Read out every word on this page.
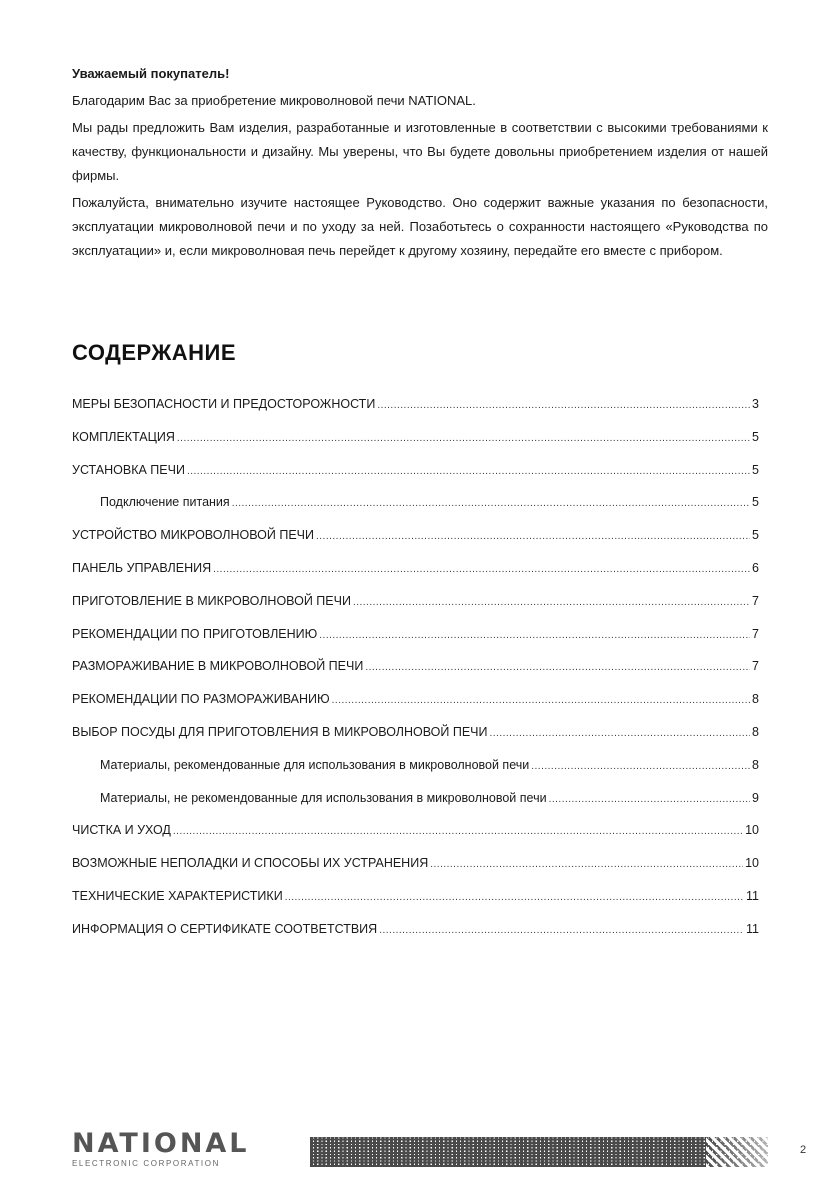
Уважаемый покупатель!

Благодарим Вас за приобретение микроволновой печи NATIONAL.

Мы рады предложить Вам изделия, разработанные и изготовленные в соответствии с высокими требованиями к качеству, функциональности и дизайну. Мы уверены, что Вы будете довольны приобретением изделия от нашей фирмы.

Пожалуйста, внимательно изучите настоящее Руководство. Оно содержит важные указания по безопасности, эксплуатации микроволновой печи и по уходу за ней. Позаботьтесь о сохранности настоящего «Руководства по эксплуатации» и, если микроволновая печь перейдет к другому хозяину, передайте его вместе с прибором.

СОДЕРЖАНИЕ
МЕРЫ БЕЗОПАСНОСТИ И ПРЕДОСТОРОЖНОСТИ .....	3
КОМПЛЕКТАЦИЯ .....	5
УСТАНОВКА ПЕЧИ .....	5
Подключение питания .....	5
УСТРОЙСТВО МИКРОВОЛНОВОЙ ПЕЧИ .....	5
ПАНЕЛЬ УПРАВЛЕНИЯ .....	6
ПРИГОТОВЛЕНИЕ В МИКРОВОЛНОВОЙ ПЕЧИ .....	7
РЕКОМЕНДАЦИИ ПО ПРИГОТОВЛЕНИЮ .....	7
РАЗМОРАЖИВАНИЕ В МИКРОВОЛНОВОЙ ПЕЧИ .....	7
РЕКОМЕНДАЦИИ ПО РАЗМОРАЖИВАНИЮ .....	8
ВЫБОР ПОСУДЫ ДЛЯ ПРИГОТОВЛЕНИЯ В МИКРОВОЛНОВОЙ ПЕЧИ .....	8
Материалы, рекомендованные для использования в микроволновой печи .....	8
Материалы, не рекомендованные для использования в микроволновой печи .....	9
ЧИСТКА И УХОД .....	10
ВОЗМОЖНЫЕ НЕПОЛАДКИ И СПОСОБЫ ИХ УСТРАНЕНИЯ .....	10
ТЕХНИЧЕСКИЕ ХАРАКТЕРИСТИКИ .....	11
ИНФОРМАЦИЯ О СЕРТИФИКАТЕ СООТВЕТСТВИЯ .....	11
NATIONAL
ELECTRONIC CORPORATION
2
